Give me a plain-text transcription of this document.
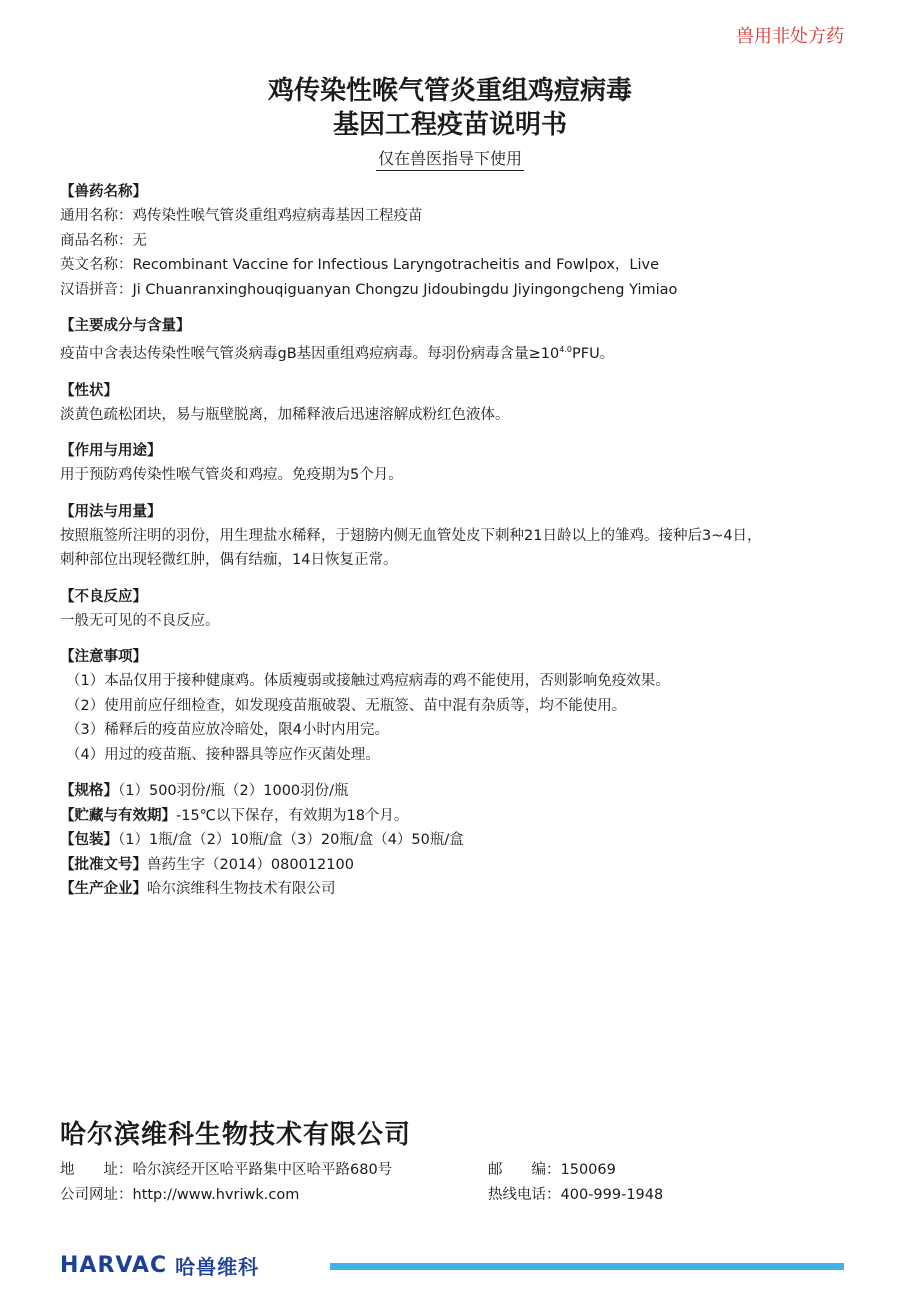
兽用非处方药
鸡传染性喉气管炎重组鸡痘病毒
基因工程疫苗说明书
仅在兽医指导下使用
【兽药名称】
通用名称：鸡传染性喉气管炎重组鸡痘病毒基因工程疫苗
商品名称：无
英文名称：Recombinant Vaccine for Infectious Laryngotracheitis and Fowlpox，Live
汉语拼音：Ji Chuanranxinghouqiguanyan Chongzu Jidoubingdu Jiyingongcheng Yimiao
【主要成分与含量】
疫苗中含表达传染性喉气管炎病毒gB基因重组鸡痘病毒。每羽份病毒含量$\ge 10^{4.0}PFU$。
【性状】
淡黄色疏松团块，易与瓶壁脱离，加稀释液后迅速溶解成粉红色液体。
【作用与用途】
用于预防鸡传染性喉气管炎和鸡痘。免疫期为5个月。
【用法与用量】
按照瓶签所注明的羽份，用生理盐水稀释，于翅膀内侧无血管处皮下刺种21日龄以上的雏鸡。接种后3~4日，
刺种部位出现轻微红肿，偶有结痂，14日恢复正常。
【不良反应】
一般无可见的不良反应。
【注意事项】
（1）本品仅用于接种健康鸡。体质瘦弱或接触过鸡痘病毒的鸡不能使用，否则影响免疫效果。
（2）使用前应仔细检查，如发现疫苗瓶破裂、无瓶签、苗中混有杂质等，均不能使用。
（3）稀释后的疫苗应放冷暗处，限4小时内用完。
（4）用过的疫苗瓶、接种器具等应作灭菌处理。
【规格】（1）500羽份/瓶（2）1000羽份/瓶
【贮藏与有效期】-15℃以下保存，有效期为18个月。
【包装】（1）1瓶/盒（2）10瓶/盒（3）20瓶/盒（4）50瓶/盒
【批准文号】兽药生字（2014）080012100
【生产企业】哈尔滨维科生物技术有限公司
哈尔滨维科生物技术有限公司
地　　址：哈尔滨经开区哈平路集中区哈平路680号	邮　　编：150069
公司网址：http://www.hvriwk.com	热线电话：400-999-1948
HARVAC 哈兽维科
